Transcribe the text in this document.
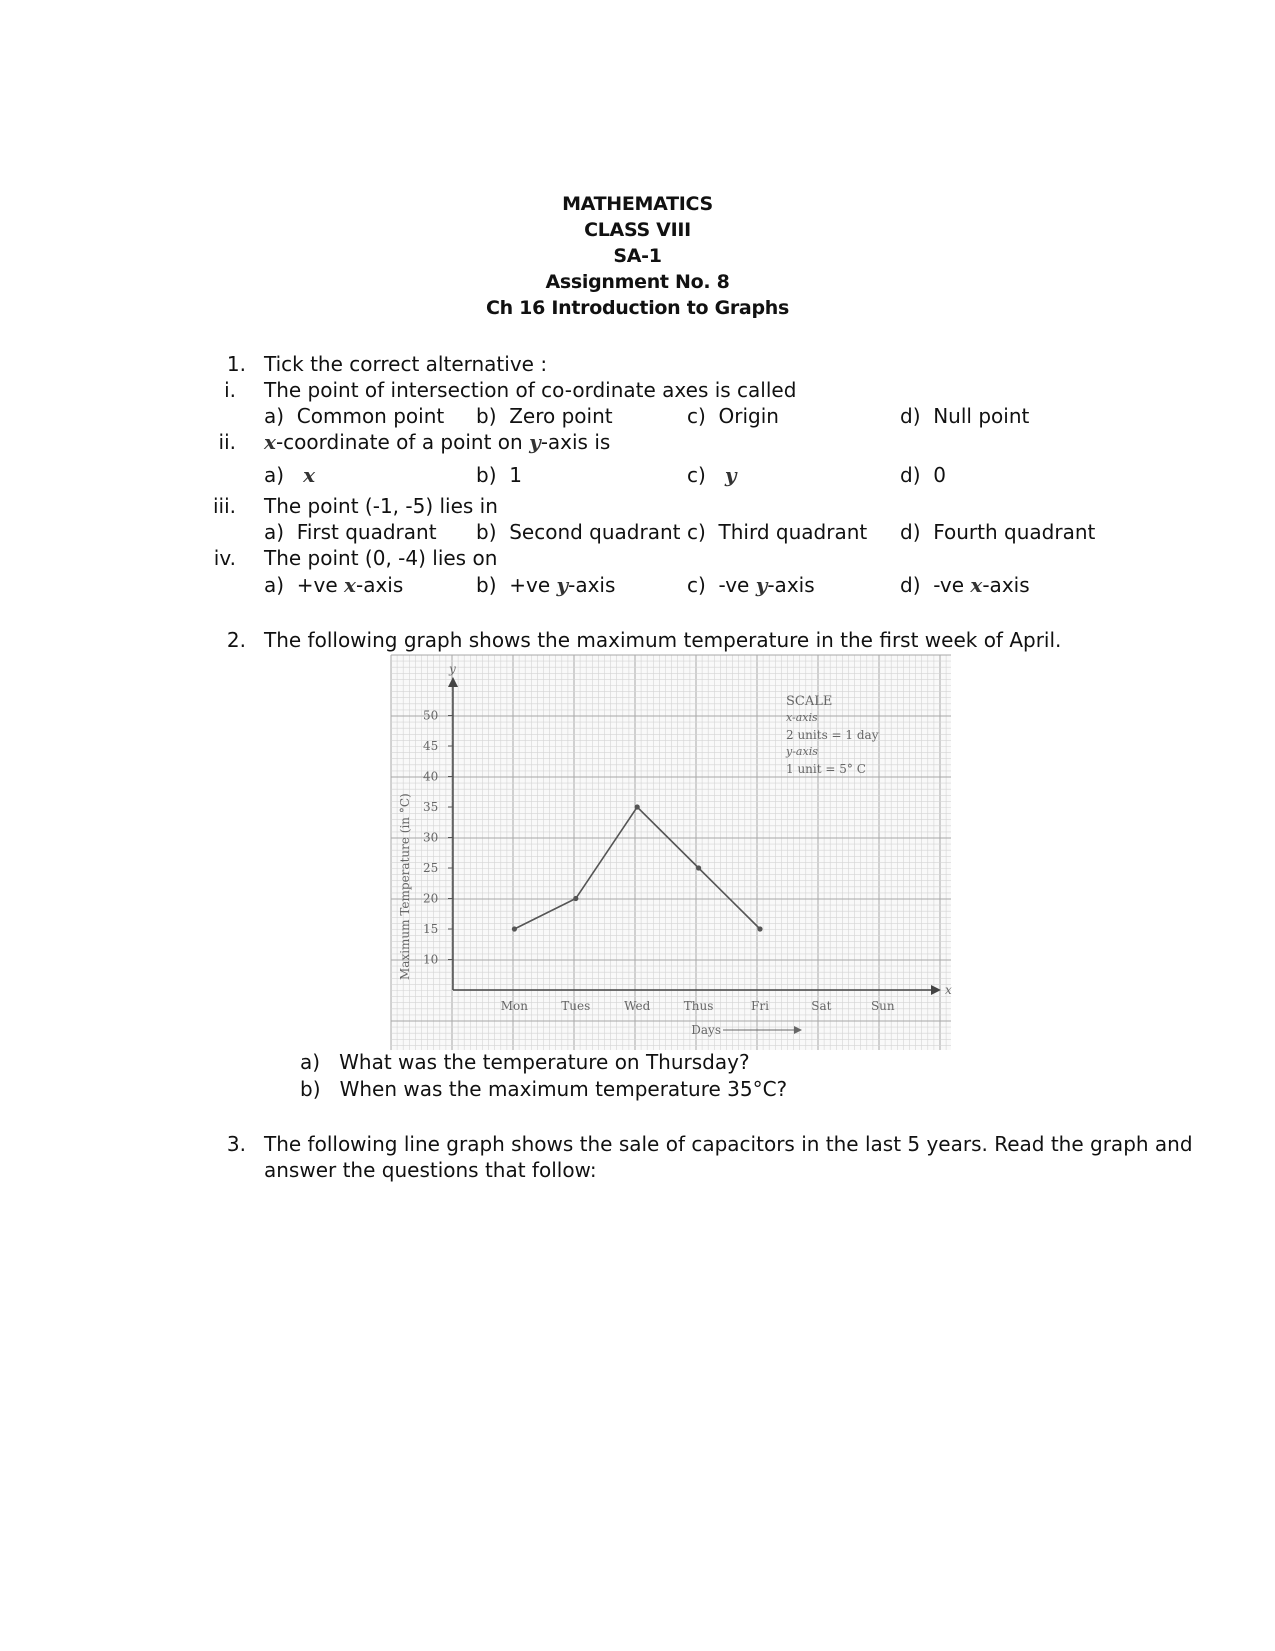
MATHEMATICS
CLASS VIII
SA-1
Assignment No. 8
Ch 16 Introduction to Graphs
1. Tick the correct alternative :
i. The point of intersection of co-ordinate axes is called
a) Common point b) Zero point	c) Origin	d) Null point
ii. x-coordinate of a point on y-axis is
a) x	b) 1	c) y	d) 0
iii. The point (-1, -5) lies in
a) First quadrant b) Second quadrant c) Third quadrant d) Fourth quadrant
iv. The point (0, -4) lies on
a) +ve x-axis	b) +ve y-axis	c) -ve y-axis	d) -ve x-axis
2. The following graph shows the maximum temperature in the first week of April.
x
y
10
15
20
25
30
35
40
45
50
Maximum Temperature (in °C)
Mon	Tues	Wed	Thus	Fri	Sat	Sun
Days
SCALE
x-axis
2 units = 1 day
y-axis
1 unit = 5° C
a) What was the temperature on Thursday?
b) When was the maximum temperature 35°C?
3. The following line graph shows the sale of capacitors in the last 5 years. Read the graph and
answer the questions that follow:
